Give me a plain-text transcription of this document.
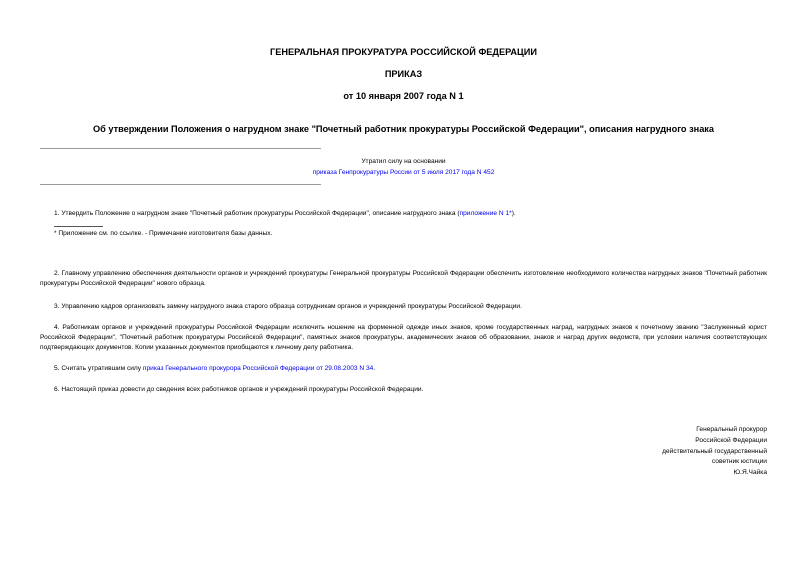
ГЕНЕРАЛЬНАЯ ПРОКУРАТУРА РОССИЙСКОЙ ФЕДЕРАЦИИ
ПРИКАЗ
от 10 января 2007 года N 1
Об утверждении Положения о нагрудном знаке "Почетный работник прокуратуры Российской Федерации", описания нагрудного знака
Утратил силу на основании
приказа Генпрокуратуры России от 5 июля 2017 года N 452
1. Утвердить Положение о нагрудном знаке "Почетный работник прокуратуры Российской Федерации", описание нагрудного знака (приложение N 1*).
* Приложение см. по ссылке. - Примечание изготовителя базы данных.
2. Главному управлению обеспечения деятельности органов и учреждений прокуратуры Генеральной прокуратуры Российской Федерации обеспечить изготовление необходимого количества нагрудных знаков "Почетный работник прокуратуры Российской Федерации" нового образца.
3. Управлению кадров организовать замену нагрудного знака старого образца сотрудникам органов и учреждений прокуратуры Российской Федерации.
4. Работникам органов и учреждений прокуратуры Российской Федерации исключить ношение на форменной одежде иных знаков, кроме государственных наград, нагрудных знаков к почетному званию "Заслуженный юрист Российской Федерации", "Почетный работник прокуратуры Российской Федерации", памятных знаков прокуратуры, академических знаков об образовании, знаков и наград других ведомств, при условии наличия соответствующих подтверждающих документов. Копии указанных документов приобщаются к личному делу работника.
5. Считать утратившим силу приказ Генерального прокурора Российской Федерации от 29.08.2003 N 34.
6. Настоящий приказ довести до сведения всех работников органов и учреждений прокуратуры Российской Федерации.
Генеральный прокурор
Российской Федерации
действительный государственный
советник юстиции
Ю.Я.Чайка
